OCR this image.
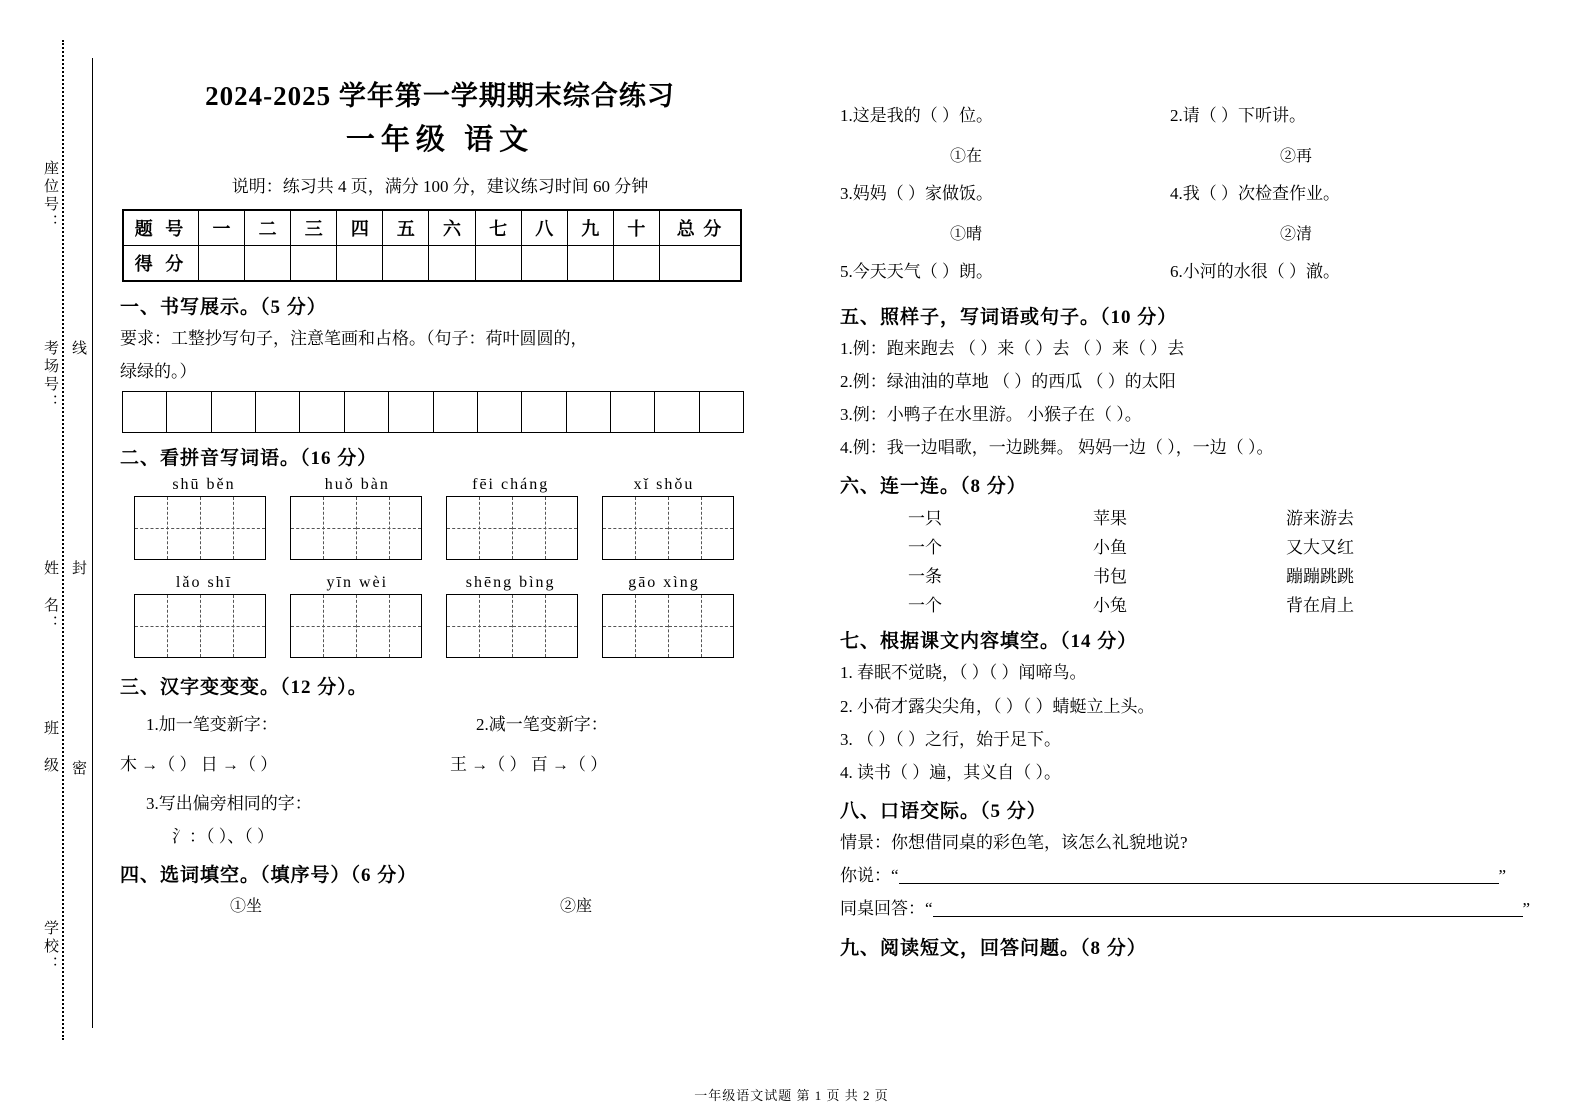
座位号：
考场号：
姓 名：
班 级
学校：
线
封
密
2024-2025 学年第一学期期末综合练习
一年级 语文
说明：练习共 4 页，满分 100 分，建议练习时间 60 分钟
题 号	一	二	三	四	五	六	七	八	九	十	总 分
得 分											
一、书写展示。（5 分）
要求：工整抄写句子，注意笔画和占格。（句子：荷叶圆圆的，
绿绿的。）
二、看拼音写词语。（16 分）
shū běn	huǒ bàn	fēi cháng	xǐ shǒu
lǎo shī	yīn wèi	shēng bìng	gāo xìng
三、汉字变变变。（12 分）。
1.加一笔变新字：	2.减一笔变新字：
木 →（ ） 日 →（ ）	王 →（ ） 百 →（ ）
3.写出偏旁相同的字：
氵：（ ）、（ ）
四、选词填空。（填序号）（6 分）
①坐	②座
1.这是我的（ ）位。	2.请（ ）下听讲。
①在	②再
3.妈妈（ ）家做饭。	4.我（ ）次检查作业。
①晴	②清
5.今天天气（ ）朗。	6.小河的水很（ ）澈。
五、照样子，写词语或句子。（10 分）
1.例：跑来跑去 （ ）来（ ）去 （ ）来（ ）去
2.例：绿油油的草地 （ ）的西瓜 （ ）的太阳
3.例：小鸭子在水里游。 小猴子在（ ）。
4.例：我一边唱歌，一边跳舞。 妈妈一边（ ），一边（ ）。
六、连一连。（8 分）
一只	苹果	游来游去
一个	小鱼	又大又红
一条	书包	蹦蹦跳跳
一个	小兔	背在肩上
七、根据课文内容填空。（14 分）
1. 春眠不觉晓，（ ）（ ）闻啼鸟。
2. 小荷才露尖尖角，（ ）（ ）蜻蜓立上头。
3. （ ）（ ）之行，始于足下。
4. 读书（ ）遍，其义自（ ）。
八、口语交际。（5 分）
情景：你想借同桌的彩色笔，该怎么礼貌地说?
你说：“	”
同桌回答：“	”
九、阅读短文，回答问题。（8 分）
一年级语文试题 第 1 页 共 2 页
